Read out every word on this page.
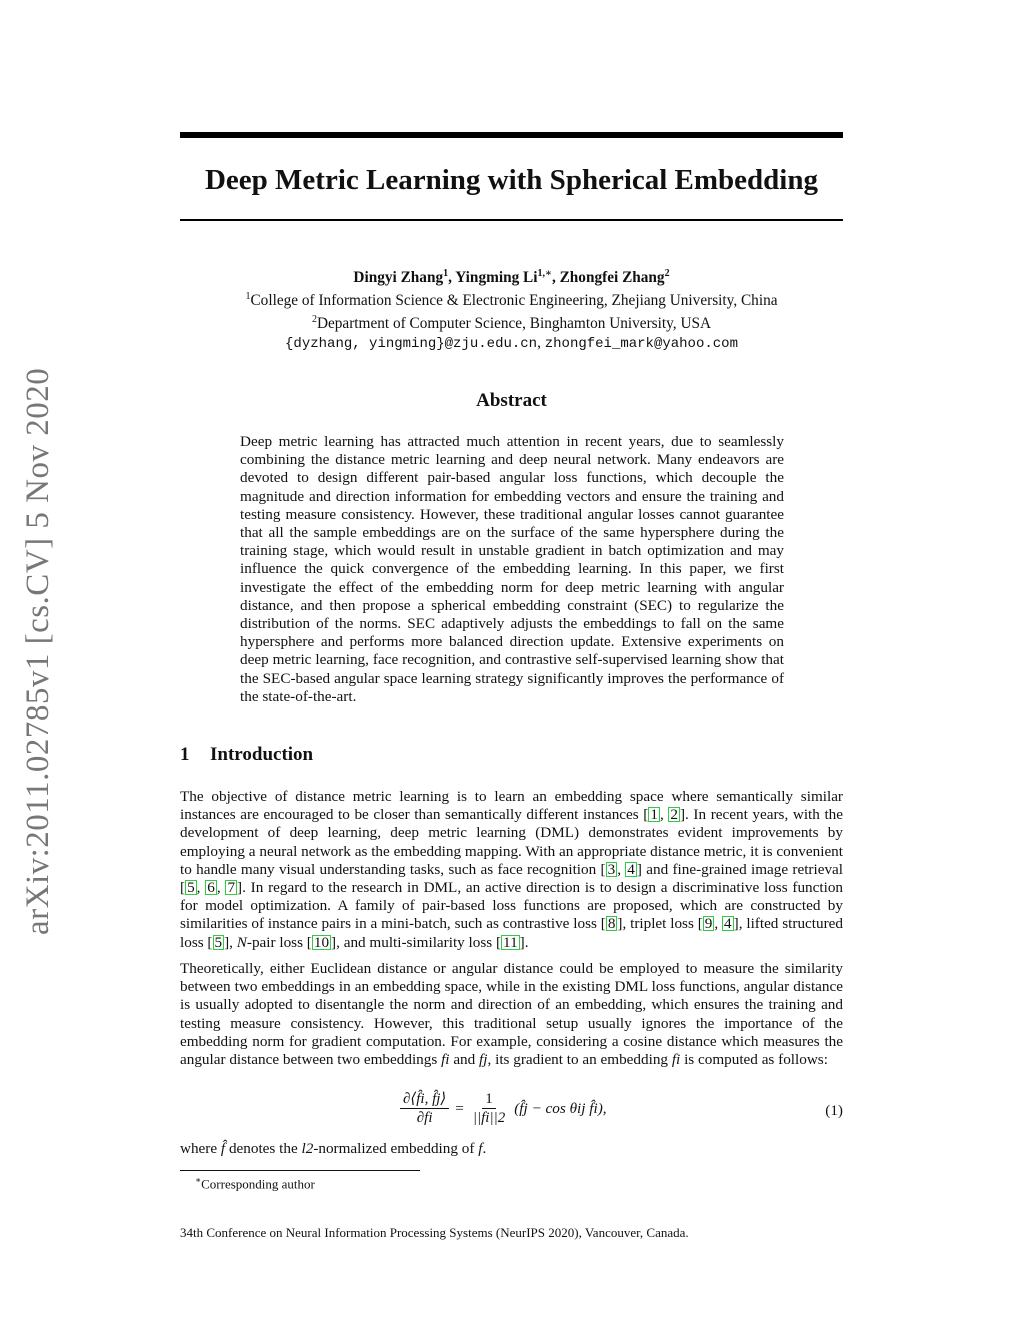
arXiv:2011.02785v1 [cs.CV] 5 Nov 2020
Deep Metric Learning with Spherical Embedding
Dingyi Zhang$^1$, Yingming $Li^{1,∗}$, Zhongfei Zhang$^2$
$^1$College of Information Science & Electronic Engineering, Zhejiang University, China
$^2$Department of Computer Science, Binghamton University, USA
{dyzhang, yingming}@zju.edu.cn, zhongfei_mark@yahoo.com
Abstract
Deep metric learning has attracted much attention in recent years, due to seamlessly combining the distance metric learning and deep neural network. Many endeavors are devoted to design different pair-based angular loss functions, which decouple the magnitude and direction information for embedding vectors and ensure the training and testing measure consistency. However, these traditional angular losses cannot guarantee that all the sample embeddings are on the surface of the same hypersphere during the training stage, which would result in unstable gradient in batch optimization and may influence the quick convergence of the embedding learning. In this paper, we first investigate the effect of the embedding norm for deep metric learning with angular distance, and then propose a spherical embedding constraint (SEC) to regularize the distribution of the norms. SEC adaptively adjusts the embeddings to fall on the same hypersphere and performs more balanced direction update. Extensive experiments on deep metric learning, face recognition, and contrastive self-supervised learning show that the SEC-based angular space learning strategy significantly improves the performance of the state-of-the-art.
1 Introduction

The objective of distance metric learning is to learn an embedding space where semantically similar instances are encouraged to be closer than semantically different instances [ 1 , 2 ]. In recent years, with the development of deep learning, deep metric learning (DML) demonstrates evident improvements by employing a neural network as the embedding mapping. With an appropriate distance metric, it is convenient to handle many visual understanding tasks, such as face recognition [ 3 , 4 ] and fine-grained image retrieval [ 5 , 6 , 7 ]. In regard to the research in DML, an active direction is to design a discriminative loss function for model optimization. A family of pair-based loss functions are proposed, which are constructed by similarities of instance pairs in a mini-batch, such as contrastive loss [ 8 ], triplet loss [ 9 , 4 ], lifted structured loss [ 5 ], N-pair loss [ 10 ], and multi-similarity loss [ 11 ].

Theoretically, either Euclidean distance or angular distance could be employed to measure the similarity between two embeddings in an embedding space, while in the existing DML loss functions, angular distance is usually adopted to disentangle the norm and direction of an embedding, which ensures the training and testing measure consistency. However, this traditional setup usually ignores the importance of the embedding norm for gradient computation. For example, considering a cosine distance which measures the angular distance between two embeddings fi and fj, its gradient to an embedding fi is computed as follows:

$\frac{\partial⟨f̂i, f̂j⟩}{\partial fi} = \frac{1}{||fi||2}$ (f̂j − cos θij f̂i),	(1)
where f̂ denotes the l2-normalized embedding of f.
∗Corresponding author
34th Conference on Neural Information Processing Systems (NeurIPS 2020), Vancouver, Canada.
